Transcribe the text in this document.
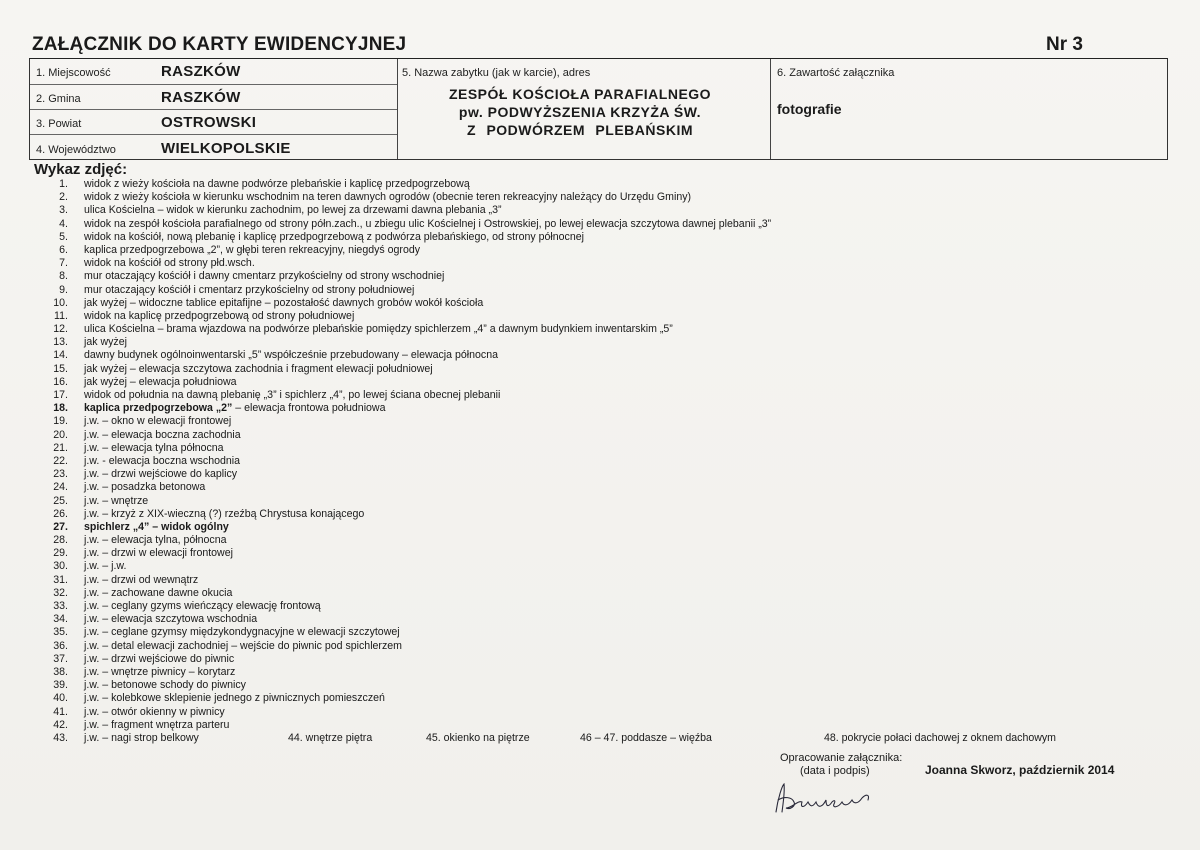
ZAŁĄCZNIK DO KARTY EWIDENCYJNEJ	Nr 3
1. Miejscowość	RASZKÓW
2. Gmina	RASZKÓW
3. Powiat	OSTROWSKI
4. Województwo	WIELKOPOLSKIE
5. Nazwa zabytku (jak w karcie), adres
ZESPÓŁ KOŚCIOŁA PARAFIALNEGO
pw. PODWYŻSZENIA KRZYŻA ŚW.
Z PODWÓRZEM PLEBAŃSKIM
6. Zawartość załącznika
fotografie
Wykaz zdjęć:
1. widok z wieży kościoła na dawne podwórze plebańskie i kaplicę przedpogrzebową
2. widok z wieży kościoła w kierunku wschodnim na teren dawnych ogrodów (obecnie teren rekreacyjny należący do Urzędu Gminy)
3. ulica Kościelna – widok w kierunku zachodnim, po lewej za drzewami dawna plebania „3”
4. widok na zespół kościoła parafialnego od strony półn.zach., u zbiegu ulic Kościelnej i Ostrowskiej, po lewej elewacja szczytowa dawnej plebanii „3”
5. widok na kościół, nową plebanię i kaplicę przedpogrzebową z podwórza plebańskiego, od strony północnej
6. kaplica przedpogrzebowa „2”, w głębi teren rekreacyjny, niegdyś ogrody
7. widok na kościół od strony płd.wsch.
8. mur otaczający kościół i dawny cmentarz przykościelny od strony wschodniej
9. mur otaczający kościół i cmentarz przykościelny od strony południowej
10. jak wyżej – widoczne tablice epitafijne – pozostałość dawnych grobów wokół kościoła
11. widok na kaplicę przedpogrzebową od strony południowej
12. ulica Kościelna – brama wjazdowa na podwórze plebańskie pomiędzy spichlerzem „4” a dawnym budynkiem inwentarskim „5”
13. jak wyżej
14. dawny budynek ogólnoinwentarski „5” współcześnie przebudowany – elewacja północna
15. jak wyżej – elewacja szczytowa zachodnia i fragment elewacji południowej
16. jak wyżej – elewacja południowa
17. widok od południa na dawną plebanię „3” i spichlerz „4”, po lewej ściana obecnej plebanii
18. kaplica przedpogrzebowa „2” – elewacja frontowa południowa
19. j.w. – okno w elewacji frontowej
20. j.w. – elewacja boczna zachodnia
21. j.w. – elewacja tylna północna
22. j.w. - elewacja boczna wschodnia
23. j.w. – drzwi wejściowe do kaplicy
24. j.w. – posadzka betonowa
25. j.w. – wnętrze
26. j.w. – krzyż z XIX-wieczną (?) rzeźbą Chrystusa konającego
27. spichlerz „4” – widok ogólny
28. j.w. – elewacja tylna, północna
29. j.w. – drzwi w elewacji frontowej
30. j.w. – j.w.
31. j.w. – drzwi od wewnątrz
32. j.w. – zachowane dawne okucia
33. j.w. – ceglany gzyms wieńczący elewację frontową
34. j.w. – elewacja szczytowa wschodnia
35. j.w. – ceglane gzymsy międzykondygnacyjne w elewacji szczytowej
36. j.w. – detal elewacji zachodniej – wejście do piwnic pod spichlerzem
37. j.w. – drzwi wejściowe do piwnic
38. j.w. – wnętrze piwnicy – korytarz
39. j.w. – betonowe schody do piwnicy
40. j.w. – kolebkowe sklepienie jednego z piwnicznych pomieszczeń
41. j.w. – otwór okienny w piwnicy
42. j.w. – fragment wnętrza parteru
43. j.w. – nagi strop belkowy	44. wnętrze piętra	45. okienko na piętrze	46 – 47. poddasze – więźba	48. pokrycie połaci dachowej z oknem dachowym
Opracowanie załącznika:
(data i podpis)	Joanna Skworz, październik 2014
